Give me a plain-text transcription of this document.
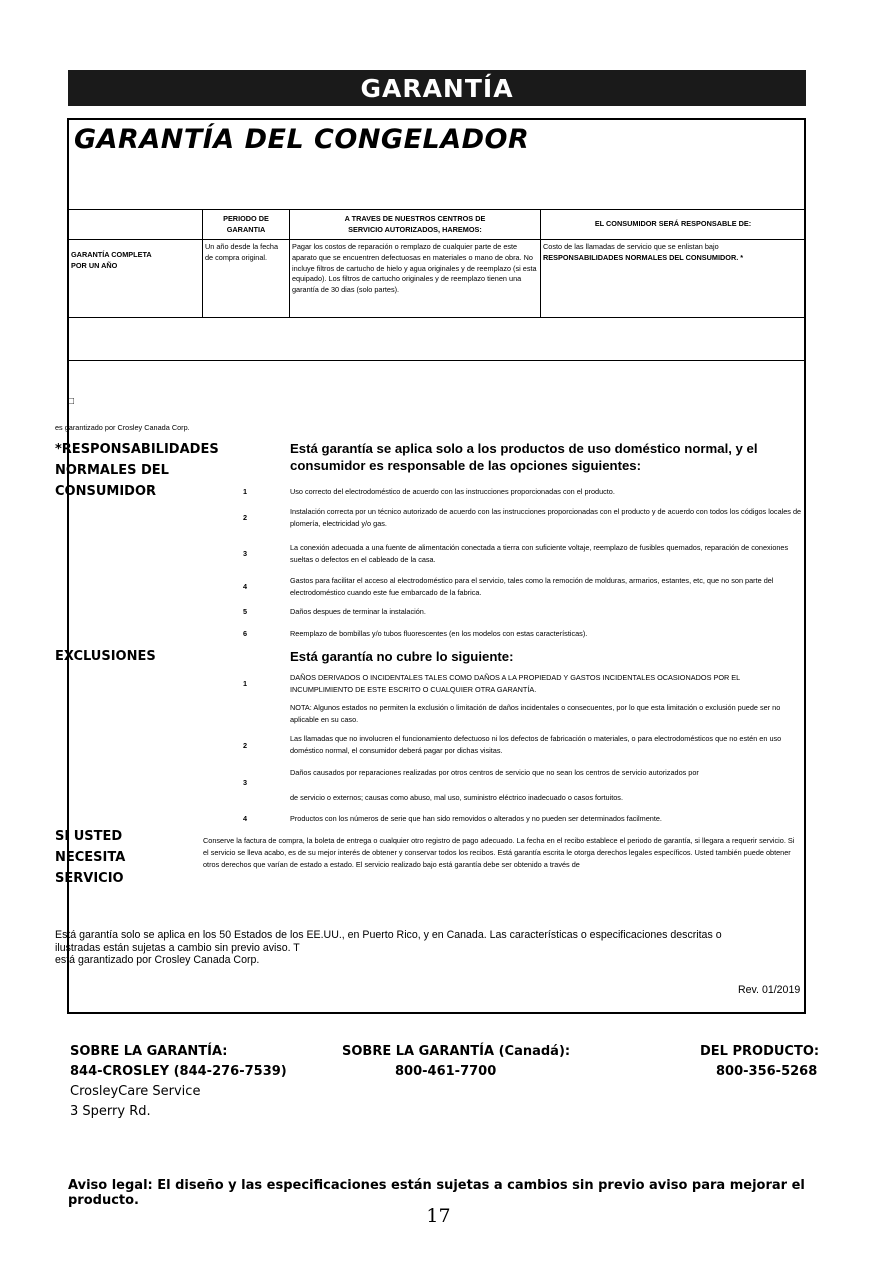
GARANTÍA
GARANTÍA DEL CONGELADOR
	PERIODO DE
GARANTIA	A TRAVES DE NUESTROS CENTROS DE
SERVICIO AUTORIZADOS, HAREMOS:	EL CONSUMIDOR SERÁ RESPONSABLE DE:
GARANTÍA COMPLETA
POR UN AÑO	Un año desde la fecha de compra original.	Pagar los costos de reparación o remplazo de cualquier parte de este aparato que se encuentren defectuosas en materiales o mano de obra. No incluye filtros de cartucho de hielo y agua originales y de reemplazo (si esta equipado). Los filtros de cartucho originales y de reemplazo tienen una garantía de 30 dias (solo partes).	Costo de las llamadas de servicio que se enlistan bajo
RESPONSABILIDADES NORMALES DEL CONSUMIDOR. *
□
es garantizado por Crosley Canada Corp.
*RESPONSABILIDADES
NORMALES DEL
CONSUMIDOR
Está garantía se aplica solo a los productos de uso doméstico normal, y el consumidor es responsable de las opciones siguientes:
1	Uso correcto del electrodoméstico de acuerdo con las instrucciones proporcionadas con el producto.
2
Instalación correcta por un técnico autorizado de acuerdo con las instrucciones proporcionadas con el producto y de acuerdo con todos los códigos locales de plomería, electricidad y/o gas.
3
La conexión adecuada a una fuente de alimentación conectada a tierra con suficiente voltaje, reemplazo de fusibles quemados, reparación de conexiones sueltas o defectos en el cableado de la casa.
4
Gastos para facilitar el acceso al electrodoméstico para el servicio, tales como la remoción de molduras, armarios, estantes, etc, que no son parte del electrodoméstico cuando este fue embarcado de la fabrica.
5	Daños despues de terminar la instalación.
6	Reemplazo de bombillas y/o tubos fluorescentes (en los modelos con estas características).
EXCLUSIONES	Está garantía no cubre lo siguiente:
1
DAÑOS DERIVADOS O INCIDENTALES TALES COMO DAÑOS A LA PROPIEDAD Y GASTOS INCIDENTALES OCASIONADOS POR EL INCUMPLIMIENTO DE ESTE ESCRITO O CUALQUIER OTRA GARANTÍA.
NOTA: Algunos estados no permiten la exclusión o limitación de daños incidentales o consecuentes, por lo que esta limitación o exclusión puede ser no aplicable en su caso.
2
Las llamadas que no involucren el funcionamiento defectuoso ni los defectos de fabricación o materiales, o para electrodomésticos que no estén en uso doméstico normal, el consumidor deberá pagar por dichas visitas.
3
Daños causados por reparaciones realizadas por otros centros de servicio que no sean los centros de servicio autorizados por
de servicio o externos; causas como abuso, mal uso, suministro eléctrico inadecuado o casos fortuitos.
4	Productos con los números de serie que han sido removidos o alterados y no pueden ser determinados facilmente.
SI USTED
NECESITA
SERVICIO
Conserve la factura de compra, la boleta de entrega o cualquier otro registro de pago adecuado. La fecha en el recibo establece el periodo de garantía, si llegara a requerir servicio. Si el servicio se lleva acabo, es de su mejor interés de obtener y conservar todos los recibos. Está garantía escrita le otorga derechos legales específicos. Usted también puede obtener otros derechos que varían de estado a estado. El servicio realizado bajo está garantía debe ser obtenido a través de
Está garantía solo se aplica en los 50 Estados de los EE.UU., en Puerto Rico, y en Canada. Las características o especificaciones descritas o
ilustradas están sujetas a cambio sin previo aviso. T
está garantizado por Crosley Canada Corp.
Rev. 01/2019
SOBRE LA GARANTÍA:
844-CROSLEY (844-276-7539)
CrosleyCare Service
3 Sperry Rd.
SOBRE LA GARANTÍA (Canadá):
800-461-7700
DEL PRODUCTO:
800-356-5268
Aviso legal: El diseño y las especificaciones están sujetas a cambios sin previo aviso para mejorar el producto.
17
